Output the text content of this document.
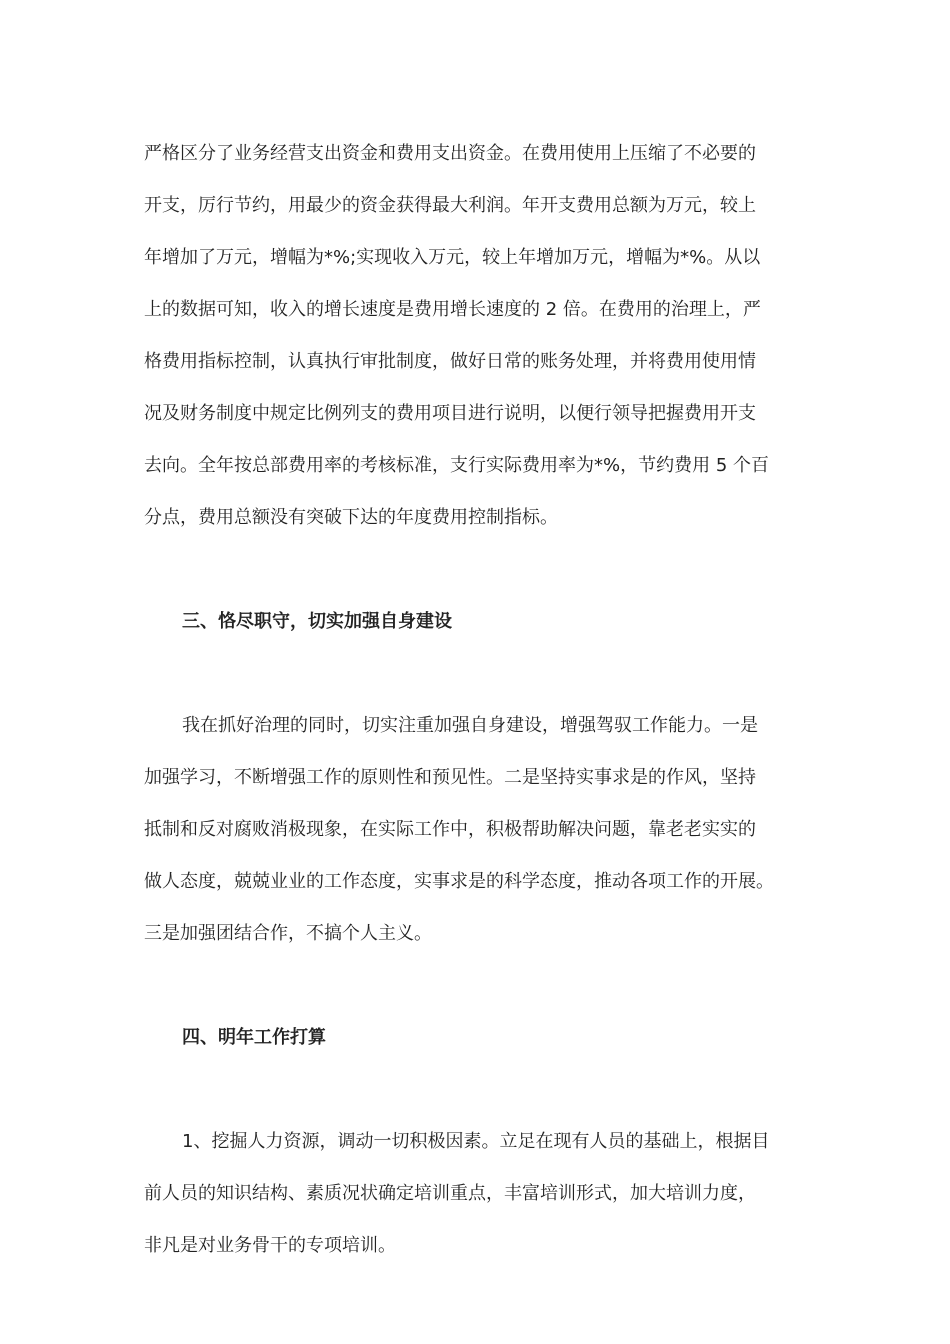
严格区分了业务经营支出资金和费用支出资金。在费用使用上压缩了不必要的
开支，厉行节约，用最少的资金获得最大利润。年开支费用总额为万元，较上
年增加了万元，增幅为*%;实现收入万元，较上年增加万元，增幅为*%。从以
上的数据可知，收入的增长速度是费用增长速度的 2 倍。在费用的治理上，严
格费用指标控制，认真执行审批制度，做好日常的账务处理，并将费用使用情
况及财务制度中规定比例列支的费用项目进行说明，以便行领导把握费用开支
去向。全年按总部费用率的考核标准，支行实际费用率为*%，节约费用 5 个百
分点，费用总额没有突破下达的年度费用控制指标。
三、恪尽职守，切实加强自身建设
我在抓好治理的同时，切实注重加强自身建设，增强驾驭工作能力。一是
加强学习，不断增强工作的原则性和预见性。二是坚持实事求是的作风，坚持
抵制和反对腐败消极现象，在实际工作中，积极帮助解决问题，靠老老实实的
做人态度，兢兢业业的工作态度，实事求是的科学态度，推动各项工作的开展。
三是加强团结合作，不搞个人主义。
四、明年工作打算
1、挖掘人力资源，调动一切积极因素。立足在现有人员的基础上，根据目
前人员的知识结构、素质况状确定培训重点，丰富培训形式，加大培训力度，
非凡是对业务骨干的专项培训。
